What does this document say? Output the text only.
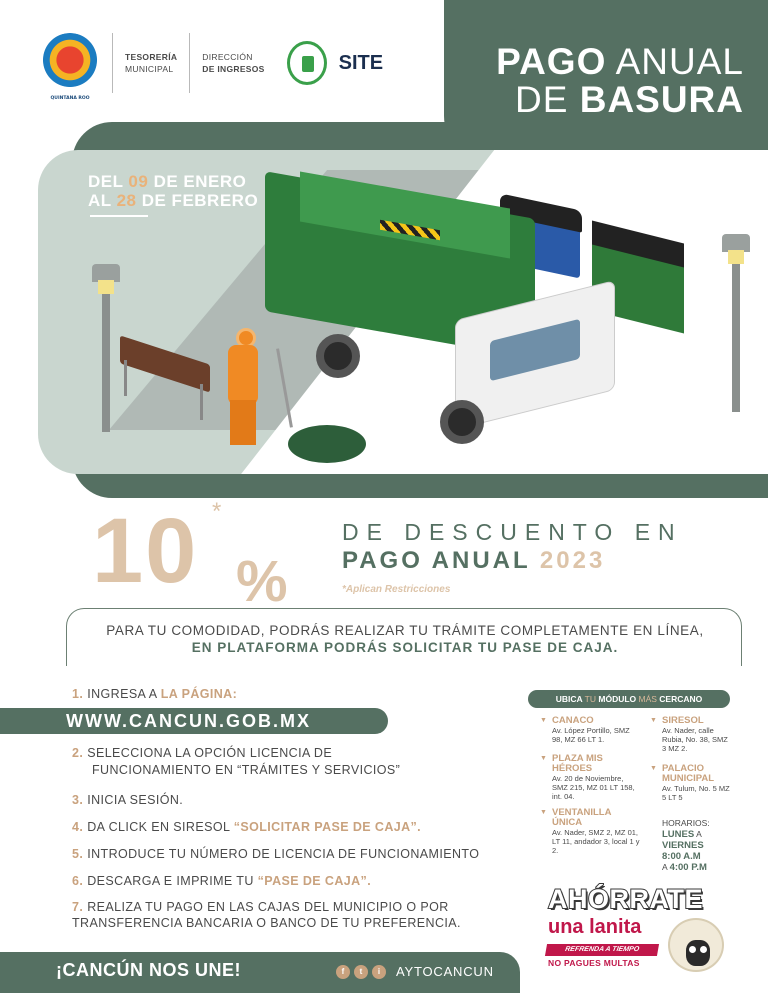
QUINTANA ROO
TESORERÍA
MUNICIPAL
DIRECCIÓN
DE INGRESOS	SITE	PAGO ANUAL
DE BASURA
DEL 09 DE ENERO
AL 28 DE FEBRERO
10 *
%
DE DESCUENTO EN
PAGO ANUAL 2023
*Aplican Restricciones
PARA TU COMODIDAD, PODRÁS REALIZAR TU TRÁMITE COMPLETAMENTE EN LÍNEA,
EN PLATAFORMA PODRÁS SOLICITAR TU PASE DE CAJA.
1. INGRESA A LA PÁGINA:
WWW.CANCUN.GOB.MX
2. SELECCIONA LA OPCIÓN LICENCIA DE
FUNCIONAMIENTO EN “TRÁMITES Y SERVICIOS”
3. INICIA SESIÓN.
4. DA CLICK EN SIRESOL “SOLICITAR PASE DE CAJA”.
5. INTRODUCE TU NÚMERO DE LICENCIA DE FUNCIONAMIENTO
6. DESCARGA E IMPRIME TU “PASE DE CAJA”.
7. REALIZA TU PAGO EN LAS CAJAS DEL MUNICIPIO O POR
TRANSFERENCIA BANCARIA O BANCO DE TU PREFERENCIA.
UBICA TU MÓDULO MÁS CERCANO
▼ CANACO
Av. López Portillo, SMZ 98, MZ 66 LT 1.
▼ PLAZA MIS HÉROES
Av. 20 de Noviembre, SMZ 215, MZ 01 LT 158, int. 04.
▼ VENTANILLA ÚNICA
Av. Nader, SMZ 2, MZ 01, LT 11, andador 3, local 1 y 2.
▼ SIRESOL
Av. Nader, calle Rubia, No. 38, SMZ 3 MZ 2.
▼ PALACIO MUNICIPAL
Av. Tulum, No. 5 MZ 5 LT 5
HORARIOS:
LUNES A
VIERNES
8:00 A.M
A 4:00 P.M
AHÓRRATE
una lanita
REFRENDA A TIEMPO
NO PAGUES MULTAS
¡CANCÚN NOS UNE!	f	t	i	AYTOCANCUN
